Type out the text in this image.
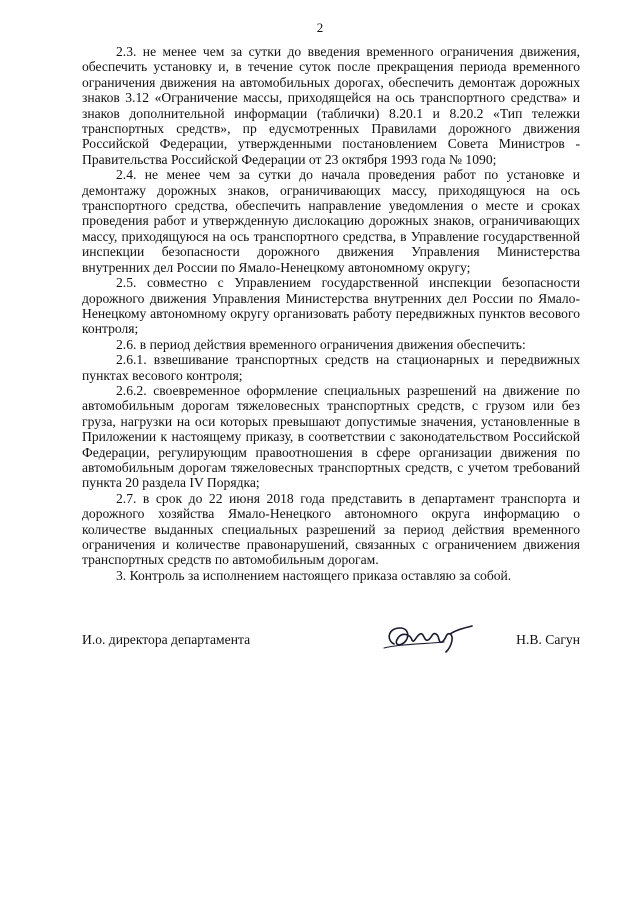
2

2.3. не менее чем за сутки до введения временного ограничения движения, обеспечить установку и, в течение суток после прекращения периода временного ограничения движения на автомобильных дорогах, обеспечить демонтаж дорожных знаков 3.12 «Ограничение массы, приходящейся на ось транспортного средства» и знаков дополнительной информации (таблички) 8.20.1 и 8.20.2 «Тип тележки транспортных средств», пр едусмотренных Правилами дорожного движения Российской Федерации, утвержденными постановлением Совета Министров - Правительства Российской Федерации от 23 октября 1993 года № 1090;

2.4. не менее чем за сутки до начала проведения работ по установке и демонтажу дорожных знаков, ограничивающих массу, приходящуюся на ось транспортного средства, обеспечить направление уведомления о месте и сроках проведения работ и утвержденную дислокацию дорожных знаков, ограничивающих массу, приходящуюся на ось транспортного средства, в Управление государственной инспекции безопасности дорожного движения Управления Министерства внутренних дел России по Ямало-Ненецкому автономному округу;

2.5. совместно с Управлением государственной инспекции безопасности дорожного движения Управления Министерства внутренних дел России по Ямало-Ненецкому автономному округу организовать работу передвижных пунктов весового контроля;

2.6. в период действия временного ограничения движения обеспечить:

2.6.1. взвешивание транспортных средств на стационарных и передвижных пунктах весового контроля;

2.6.2. своевременное оформление специальных разрешений на движение по автомобильным дорогам тяжеловесных транспортных средств, с грузом или без груза, нагрузки на оси которых превышают допустимые значения, установленные в Приложении к настоящему приказу, в соответствии с законодательством Российской Федерации, регулирующим правоотношения в сфере организации движения по автомобильным дорогам тяжеловесных транспортных средств, с учетом требований пункта 20 раздела IV Порядка;

2.7. в срок до 22 июня 2018 года представить в департамент транспорта и дорожного хозяйства Ямало-Ненецкого автономного округа информацию о количестве выданных специальных разрешений за период действия временного ограничения и количестве правонарушений, связанных с ограничением движения транспортных средств по автомобильным дорогам.

3. Контроль за исполнением настоящего приказа оставляю за собой.

И.о. директора департамента	Н.В. Сагун
